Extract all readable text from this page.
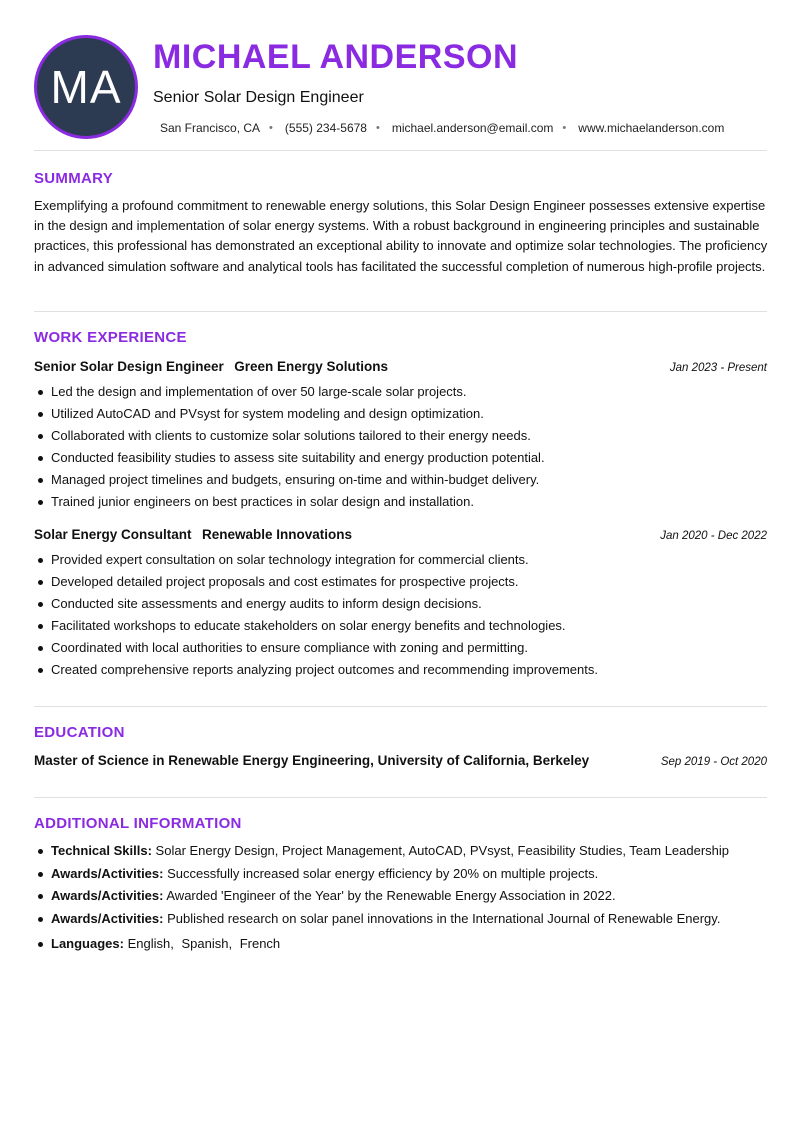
MA
MICHAEL ANDERSON
Senior Solar Design Engineer
San Francisco, CA • (555) 234-5678 • michael.anderson@email.com • www.michaelanderson.com
SUMMARY

Exemplifying a profound commitment to renewable energy solutions, this Solar Design Engineer possesses extensive expertise in the design and implementation of solar energy systems. With a robust background in engineering principles and sustainable practices, this professional has demonstrated an exceptional ability to innovate and optimize solar technologies. The proficiency in advanced simulation software and analytical tools has facilitated the successful completion of numerous high-profile projects.

WORK EXPERIENCE
Senior Solar Design Engineer Green Energy Solutions	Jan 2023 - Present
Led the design and implementation of over 50 large-scale solar projects.
Utilized AutoCAD and PVsyst for system modeling and design optimization.
Collaborated with clients to customize solar solutions tailored to their energy needs.
Conducted feasibility studies to assess site suitability and energy production potential.
Managed project timelines and budgets, ensuring on-time and within-budget delivery.
Trained junior engineers on best practices in solar design and installation.
Solar Energy Consultant Renewable Innovations	Jan 2020 - Dec 2022
Provided expert consultation on solar technology integration for commercial clients.
Developed detailed project proposals and cost estimates for prospective projects.
Conducted site assessments and energy audits to inform design decisions.
Facilitated workshops to educate stakeholders on solar energy benefits and technologies.
Coordinated with local authorities to ensure compliance with zoning and permitting.
Created comprehensive reports analyzing project outcomes and recommending improvements.
EDUCATION
Master of Science in Renewable Energy Engineering, University of California, Berkeley	Sep 2019 - Oct 2020
ADDITIONAL INFORMATION
Technical Skills: Solar Energy Design, Project Management, AutoCAD, PVsyst, Feasibility Studies, Team Leadership
Awards/Activities: Successfully increased solar energy efficiency by 20% on multiple projects.
Awards/Activities: Awarded 'Engineer of the Year' by the Renewable Energy Association in 2022.
Awards/Activities: Published research on solar panel innovations in the International Journal of Renewable Energy.
Languages: English, Spanish, French
